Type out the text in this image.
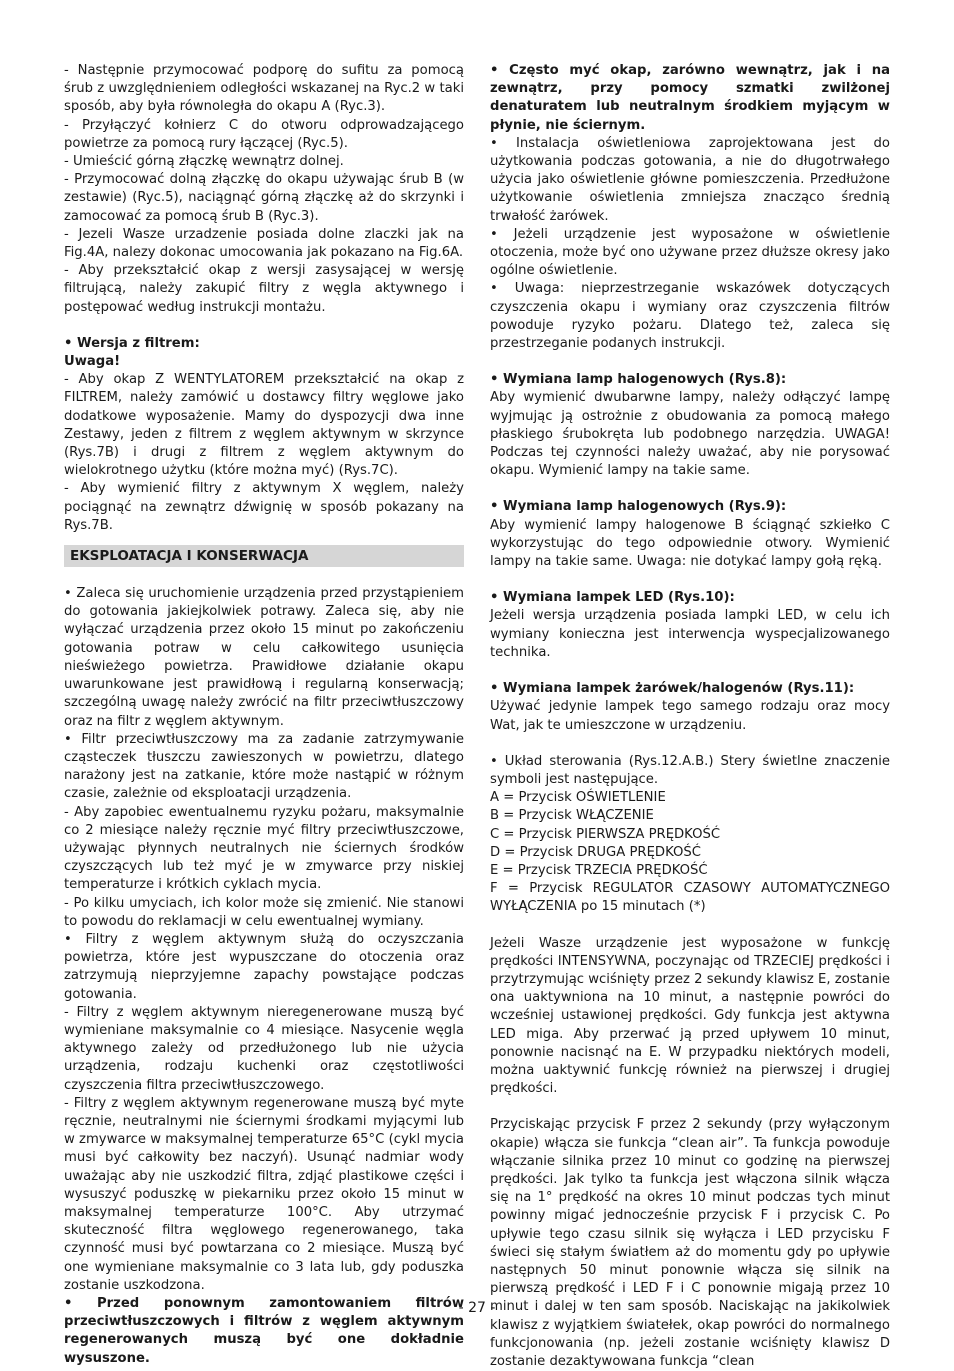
- Następnie przymocować podporę do sufitu za pomocą śrub z uwzględnieniem odległości wskazanej na Ryc.2 w taki sposób, aby była równoległa do okapu A (Ryc.3).

- Przyłączyć kołnierz C do otworu odprowadzającego powietrze za pomocą rury łączącej (Ryc.5).

- Umieścić górną złączkę wewnątrz dolnej.

- Przymocować dolną złączkę do okapu używając śrub B (w zestawie) (Ryc.5), naciągnąć górną złączkę aż do skrzynki i zamocować za pomocą śrub B (Ryc.3).

- Jezeli Wasze urzadzenie posiada dolne zlaczki jak na Fig.4A, nalezy dokonac umocowania jak pokazano na Fig.6A.

- Aby przekształcić okap z wersji zasysającej w wersję filtrującą, należy zakupić filtry z węgla aktywnego i postępować według instrukcji montażu.

• Wersja z filtrem:

Uwaga!

- Aby okap Z WENTYLATOREM przekształcić na okap z FILTREM, należy zamówić u dostawcy filtry węglowe jako dodatkowe wyposażenie. Mamy do dyspozycji dwa inne Zestawy, jeden z filtrem z węglem aktywnym w skrzynce (Rys.7B) i drugi z filtrem z węglem aktywnym do wielokrotnego użytku (które można myć) (Rys.7C).

- Aby wymienić filtry z aktywnym X węglem, należy pociągnąć na zewnątrz dźwignię w sposób pokazany na Rys.7B.

EKSPLOATACJA I KONSERWACJA

• Zaleca się uruchomienie urządzenia przed przystąpieniem do gotowania jakiejkolwiek potrawy. Zaleca się, aby nie wyłączać urządzenia przez około 15 minut po zakończeniu gotowania potraw w celu całkowitego usunięcia nieświeżego powietrza. Prawidłowe działanie okapu uwarunkowane jest prawidłową i regularną konserwacją; szczególną uwagę należy zwrócić na filtr przeciwtłuszczowy oraz na filtr z węglem aktywnym.

• Filtr przeciwtłuszczowy ma za zadanie zatrzymywanie cząsteczek tłuszczu zawieszonych w powietrzu, dlatego narażony jest na zatkanie, które może nastąpić w różnym czasie, zależnie od eksploatacji urządzenia.

- Aby zapobiec ewentualnemu ryzyku pożaru, maksymalnie co 2 miesiące należy ręcznie myć filtry przeciwtłuszczowe, używając płynnych neutralnych nie ściernych środków czyszczących lub też myć je w zmywarce przy niskiej temperaturze i krótkich cyklach mycia.

- Po kilku umyciach, ich kolor może się zmienić. Nie stanowi to powodu do reklamacji w celu ewentualnej wymiany.

• Filtry z węglem aktywnym służą do oczyszczania powietrza, które jest wypuszczane do otoczenia oraz zatrzymują nieprzyjemne zapachy powstające podczas gotowania.

- Filtry z węglem aktywnym nieregenerowane muszą być wymieniane maksymalnie co 4 miesiące. Nasycenie węgla aktywnego zależy od przedłużonego lub nie użycia urządzenia, rodzaju kuchenki oraz częstotliwości czyszczenia filtra przeciwtłuszczowego.

- Filtry z węglem aktywnym regenerowane muszą być myte ręcznie, neutralnymi nie ściernymi środkami myjącymi lub w zmywarce w maksymalnej temperaturze 65°C (cykl mycia musi być całkowity bez naczyń). Usunąć nadmiar wody uważając aby nie uszkodzić filtra, zdjąć plastikowe części i wysuszyć poduszkę w piekarniku przez około 15 minut w maksymalnej temperaturze 100°C. Aby utrzymać skuteczność filtra węglowego regenerowanego, taka czynność musi być powtarzana co 2 miesiące. Muszą być one wymieniane maksymalnie co 3 lata lub, gdy poduszka zostanie uszkodzona.

• Przed ponownym zamontowaniem filtrów przeciwtłuszczowych i filtrów z węglem aktywnym regenerowanych muszą być one dokładnie wysuszone.

• Często myć okap, zarówno wewnątrz, jak i na zewnątrz, przy pomocy szmatki zwilżonej denaturatem lub neutralnym środkiem myjącym w płynie, nie ściernym.

• Instalacja oświetleniowa zaprojektowana jest do użytkowania podczas gotowania, a nie do długotrwałego użycia jako oświetlenie główne pomieszczenia. Przedłużone użytkowanie oświetlenia zmniejsza znacząco średnią trwałość żarówek.

• Jeżeli urządzenie jest wyposażone w oświetlenie otoczenia, może być ono używane przez dłuższe okresy jako ogólne oświetlenie.

• Uwaga: nieprzestrzeganie wskazówek dotyczących czyszczenia okapu i wymiany oraz czyszczenia filtrów powoduje ryzyko pożaru. Dlatego też, zaleca się przestrzeganie podanych instrukcji.

• Wymiana lamp halogenowych (Rys.8):

Aby wymienić dwubarwne lampy, należy odłączyć lampę wyjmując ją ostrożnie z obudowania za pomocą małego płaskiego śrubokręta lub podobnego narzędzia. UWAGA! Podczas tej czynności należy uważać, aby nie porysować okapu. Wymienić lampy na takie same.

• Wymiana lamp halogenowych (Rys.9):

Aby wymienić lampy halogenowe B ściągnąć szkiełko C wykorzystując do tego odpowiednie otwory. Wymienić lampy na takie same. Uwaga: nie dotykać lampy gołą ręką.

• Wymiana lampek LED (Rys.10):

Jeżeli wersja urządzenia posiada lampki LED, w celu ich wymiany konieczna jest interwencja wyspecjalizowanego technika.

• Wymiana lampek żarówek/halogenów (Rys.11):

Używać jedynie lampek tego samego rodzaju oraz mocy Wat, jak te umieszczone w urządzeniu.

• Układ sterowania (Rys.12.A.B.) Stery świetlne znaczenie symboli jest następujące.

A = Przycisk OŚWIETLENIE

B = Przycisk WŁĄCZENIE

C = Przycisk PIERWSZA PRĘDKOŚĆ

D = Przycisk DRUGA PRĘDKOŚĆ

E = Przycisk TRZECIA PRĘDKOŚĆ

F = Przycisk REGULATOR CZASOWY AUTOMATYCZNEGO WYŁĄCZENIA po 15 minutach (*)

Jeżeli Wasze urządzenie jest wyposażone w funkcję prędkości INTENSYWNA, poczynając od TRZECIEJ prędkości i przytrzymując wciśnięty przez 2 sekundy klawisz E, zostanie ona uaktywniona na 10 minut, a następnie powróci do wcześniej ustawionej prędkości. Gdy funkcja jest aktywna LED miga. Aby przerwać ją przed upływem 10 minut, ponownie nacisnąć na E. W przypadku niektórych modeli, można uaktywnić funkcję również na pierwszej i drugiej prędkości.

Przyciskając przycisk F przez 2 sekundy (przy wyłączonym okapie) włącza sie funkcja “clean air”. Ta funkcja powoduje włączanie silnika przez 10 minut co godzinę na pierwszej prędkości. Jak tylko ta funkcja jest włączona silnik włącza się na 1° prędkość na okres 10 minut podczas tych minut powinny migać jednocześnie przycisk F i przycisk C. Po upływie tego czasu silnik się wyłącza i LED przycisku F świeci się stałym światłem aż do momentu gdy po upływie następnych 50 minut ponownie włącza się silnik na pierwszą prędkość i LED F i C ponownie migają przez 10 minut i dalej w ten sam sposób. Naciskając na jakikolwiek klawisz z wyjątkiem światełek, okap powróci do normalnego funkcjonowania (np. jeżeli zostanie wciśnięty klawisz D zostanie dezaktywowana funkcja “clean

- 27 -
